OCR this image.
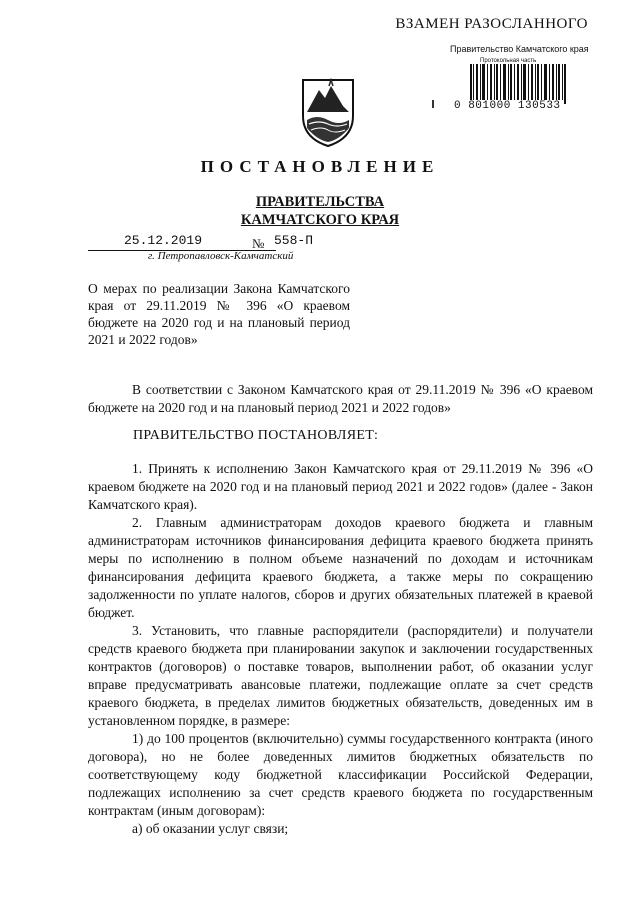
ВЗАМЕН РАЗОСЛАННОГО
Правительство Камчатского края
Протокольная часть
0 801000 130533
ПОСТАНОВЛЕНИЕ
ПРАВИТЕЛЬСТВА
КАМЧАТСКОГО КРАЯ
25.12.2019	№ 558-П
г. Петропавловск-Камчатский
О мерах по реализации Закона Камчатского края от 29.11.2019 № 396 «О краевом бюджете на 2020 год и на плановый период 2021 и 2022 годов»
В соответствии с Законом Камчатского края от 29.11.2019 № 396 «О краевом бюджете на 2020 год и на плановый период 2021 и 2022 годов»
ПРАВИТЕЛЬСТВО ПОСТАНОВЛЯЕТ:

1. Принять к исполнению Закон Камчатского края от 29.11.2019 № 396 «О краевом бюджете на 2020 год и на плановый период 2021 и 2022 годов» (далее - Закон Камчатского края).

2. Главным администраторам доходов краевого бюджета и главным администраторам источников финансирования дефицита краевого бюджета принять меры по исполнению в полном объеме назначений по доходам и источникам финансирования дефицита краевого бюджета, а также меры по сокращению задолженности по уплате налогов, сборов и других обязательных платежей в краевой бюджет.

3. Установить, что главные распорядители (распорядители) и получатели средств краевого бюджета при планировании закупок и заключении государственных контрактов (договоров) о поставке товаров, выполнении работ, об оказании услуг вправе предусматривать авансовые платежи, подлежащие оплате за счет средств краевого бюджета, в пределах лимитов бюджетных обязательств, доведенных им в установленном порядке, в размере:

1) до 100 процентов (включительно) суммы государственного контракта (иного договора), но не более доведенных лимитов бюджетных обязательств по соответствующему коду бюджетной классификации Российской Федерации, подлежащих исполнению за счет средств краевого бюджета по государственным контрактам (иным договорам):

а) об оказании услуг связи;
